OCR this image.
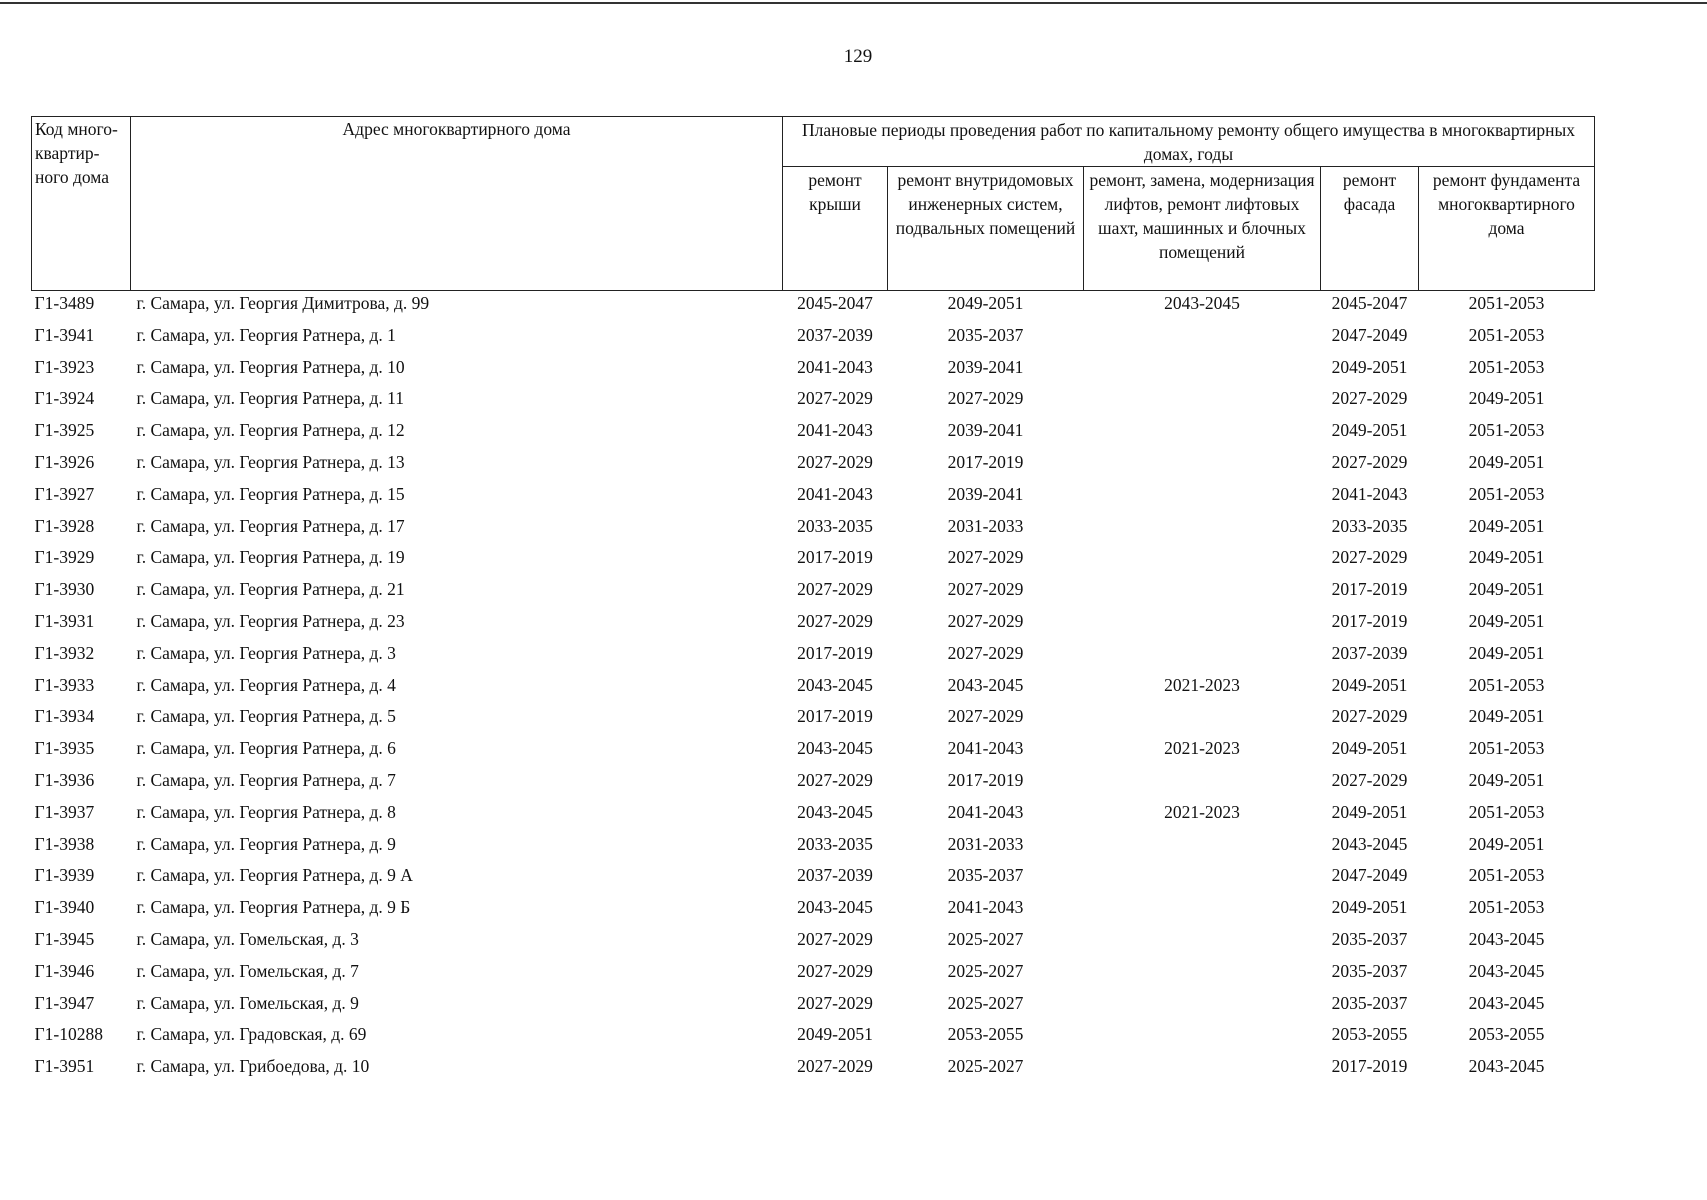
129
Код много-квартир-ного дома	Адрес многоквартирного дома	Плановые периоды проведения работ по капитальному ремонту общего имущества в многоквартирных домах, годы				
		ремонт крыши	ремонт внутридомовых инженерных систем, подвальных помещений	ремонт, замена, модернизация лифтов, ремонт лифтовых шахт, машинных и блочных помещений	ремонт фасада	ремонт фундамента многоквартирного дома
Г1-3489	г. Самара, ул. Георгия Димитрова, д. 99	2045-2047	2049-2051	2043-2045	2045-2047	2051-2053
Г1-3941	г. Самара, ул. Георгия Ратнера, д. 1	2037-2039	2035-2037		2047-2049	2051-2053
Г1-3923	г. Самара, ул. Георгия Ратнера, д. 10	2041-2043	2039-2041		2049-2051	2051-2053
Г1-3924	г. Самара, ул. Георгия Ратнера, д. 11	2027-2029	2027-2029		2027-2029	2049-2051
Г1-3925	г. Самара, ул. Георгия Ратнера, д. 12	2041-2043	2039-2041		2049-2051	2051-2053
Г1-3926	г. Самара, ул. Георгия Ратнера, д. 13	2027-2029	2017-2019		2027-2029	2049-2051
Г1-3927	г. Самара, ул. Георгия Ратнера, д. 15	2041-2043	2039-2041		2041-2043	2051-2053
Г1-3928	г. Самара, ул. Георгия Ратнера, д. 17	2033-2035	2031-2033		2033-2035	2049-2051
Г1-3929	г. Самара, ул. Георгия Ратнера, д. 19	2017-2019	2027-2029		2027-2029	2049-2051
Г1-3930	г. Самара, ул. Георгия Ратнера, д. 21	2027-2029	2027-2029		2017-2019	2049-2051
Г1-3931	г. Самара, ул. Георгия Ратнера, д. 23	2027-2029	2027-2029		2017-2019	2049-2051
Г1-3932	г. Самара, ул. Георгия Ратнера, д. 3	2017-2019	2027-2029		2037-2039	2049-2051
Г1-3933	г. Самара, ул. Георгия Ратнера, д. 4	2043-2045	2043-2045	2021-2023	2049-2051	2051-2053
Г1-3934	г. Самара, ул. Георгия Ратнера, д. 5	2017-2019	2027-2029		2027-2029	2049-2051
Г1-3935	г. Самара, ул. Георгия Ратнера, д. 6	2043-2045	2041-2043	2021-2023	2049-2051	2051-2053
Г1-3936	г. Самара, ул. Георгия Ратнера, д. 7	2027-2029	2017-2019		2027-2029	2049-2051
Г1-3937	г. Самара, ул. Георгия Ратнера, д. 8	2043-2045	2041-2043	2021-2023	2049-2051	2051-2053
Г1-3938	г. Самара, ул. Георгия Ратнера, д. 9	2033-2035	2031-2033		2043-2045	2049-2051
Г1-3939	г. Самара, ул. Георгия Ратнера, д. 9 А	2037-2039	2035-2037		2047-2049	2051-2053
Г1-3940	г. Самара, ул. Георгия Ратнера, д. 9 Б	2043-2045	2041-2043		2049-2051	2051-2053
Г1-3945	г. Самара, ул. Гомельская, д. 3	2027-2029	2025-2027		2035-2037	2043-2045
Г1-3946	г. Самара, ул. Гомельская, д. 7	2027-2029	2025-2027		2035-2037	2043-2045
Г1-3947	г. Самара, ул. Гомельская, д. 9	2027-2029	2025-2027		2035-2037	2043-2045
Г1-10288	г. Самара, ул. Градовская, д. 69	2049-2051	2053-2055		2053-2055	2053-2055
Г1-3951	г. Самара, ул. Грибоедова, д. 10	2027-2029	2025-2027		2017-2019	2043-2045
